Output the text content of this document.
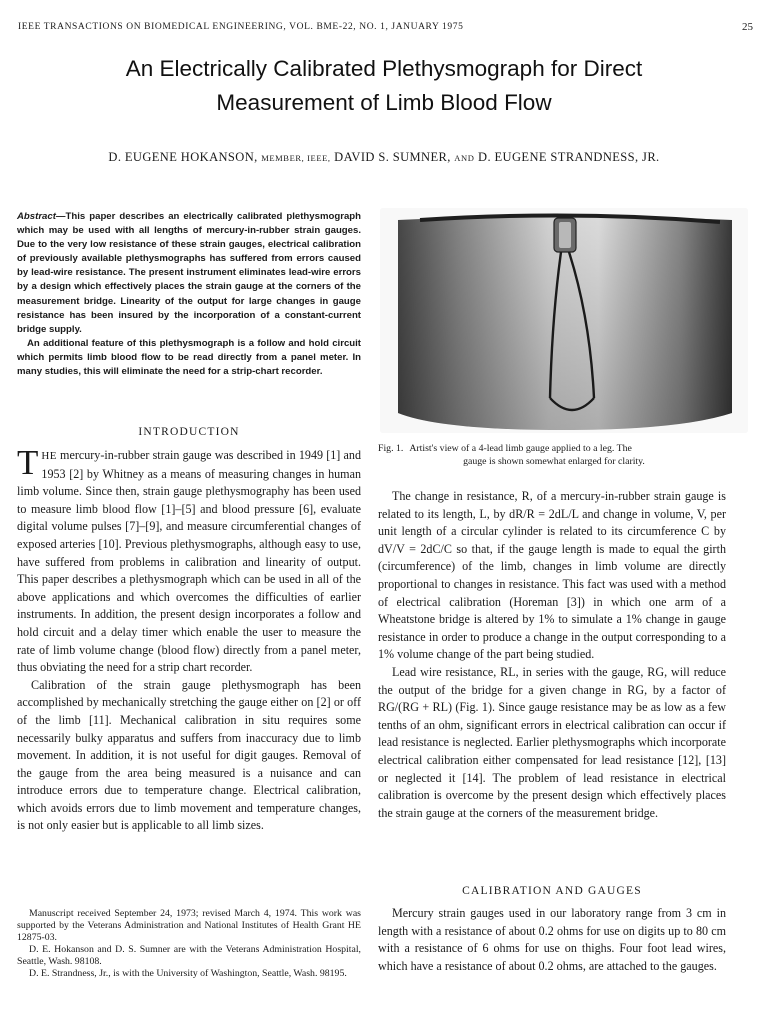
IEEE TRANSACTIONS ON BIOMEDICAL ENGINEERING, VOL. BME-22, NO. 1, JANUARY 1975	25
An Electrically Calibrated Plethysmograph for Direct
Measurement of Limb Blood Flow
D. EUGENE HOKANSON, MEMBER, IEEE, DAVID S. SUMNER, AND D. EUGENE STRANDNESS, JR.

Abstract—This paper describes an electrically calibrated plethysmograph which may be used with all lengths of mercury-in-rubber strain gauges. Due to the very low resistance of these strain gauges, electrical calibration of previously available plethysmographs has suffered from errors caused by lead-wire resistance. The present instrument eliminates lead-wire errors by a design which effectively places the strain gauge at the corners of the measurement bridge. Linearity of the output for large changes in gauge resistance has been insured by the incorporation of a constant-current bridge supply.

An additional feature of this plethysmograph is a follow and hold circuit which permits limb blood flow to be read directly from a panel meter. In many studies, this will eliminate the need for a strip-chart recorder.

Fig. 1. Artist's view of a 4-lead limb gauge applied to a leg. The
gauge is shown somewhat enlarged for clarity.
INTRODUCTION

THE mercury-in-rubber strain gauge was described in 1949 [1] and 1953 [2] by Whitney as a means of measuring changes in human limb volume. Since then, strain gauge plethysmography has been used to measure limb blood flow [1]–[5] and blood pressure [6], evaluate digital volume pulses [7]–[9], and measure circumferential changes of exposed arteries [10]. Previous plethysmographs, although easy to use, have suffered from problems in calibration and linearity of output. This paper describes a plethysmograph which can be used in all of the above applications and which overcomes the difficulties of earlier instruments. In addition, the present design incorporates a follow and hold circuit and a delay timer which enable the user to measure the rate of limb volume change (blood flow) directly from a panel meter, thus obviating the need for a strip chart recorder.

Calibration of the strain gauge plethysmograph has been accomplished by mechanically stretching the gauge either on [2] or off of the limb [11]. Mechanical calibration in situ requires some necessarily bulky apparatus and suffers from inaccuracy due to limb movement. In addition, it is not useful for digit gauges. Removal of the gauge from the area being measured is a nuisance and can introduce errors due to temperature change. Electrical calibration, which avoids errors due to limb movement and temperature changes, is not only easier but is applicable to all limb sizes.

The change in resistance, R, of a mercury-in-rubber strain gauge is related to its length, L, by dR/R = 2dL/L and change in volume, V, per unit length of a circular cylinder is related to its circumference C by dV/V = 2dC/C so that, if the gauge length is made to equal the girth (circumference) of the limb, changes in limb volume are directly proportional to changes in resistance. This fact was used with a method of electrical calibration (Horeman [3]) in which one arm of a Wheatstone bridge is altered by 1% to simulate a 1% change in gauge resistance in order to produce a change in the output corresponding to a 1% volume change of the part being studied.

Lead wire resistance, RL, in series with the gauge, RG, will reduce the output of the bridge for a given change in RG, by a factor of RG/(RG + RL) (Fig. 1). Since gauge resistance may be as low as a few tenths of an ohm, significant errors in electrical calibration can occur if lead resistance is neglected. Earlier plethysmographs which incorporate electrical calibration either compensated for lead resistance [12], [13] or neglected it [14]. The problem of lead resistance in electrical calibration is overcome by the present design which effectively places the strain gauge at the corners of the measurement bridge.

CALIBRATION AND GAUGES

Mercury strain gauges used in our laboratory range from 3 cm in length with a resistance of about 0.2 ohms for use on digits up to 80 cm with a resistance of 6 ohms for use on thighs. Four foot lead wires, which have a resistance of about 0.2 ohms, are attached to the gauges.

Manuscript received September 24, 1973; revised March 4, 1974. This work was supported by the Veterans Administration and National Institutes of Health Grant HE 12875-03.

D. E. Hokanson and D. S. Sumner are with the Veterans Administration Hospital, Seattle, Wash. 98108.

D. E. Strandness, Jr., is with the University of Washington, Seattle, Wash. 98195.
